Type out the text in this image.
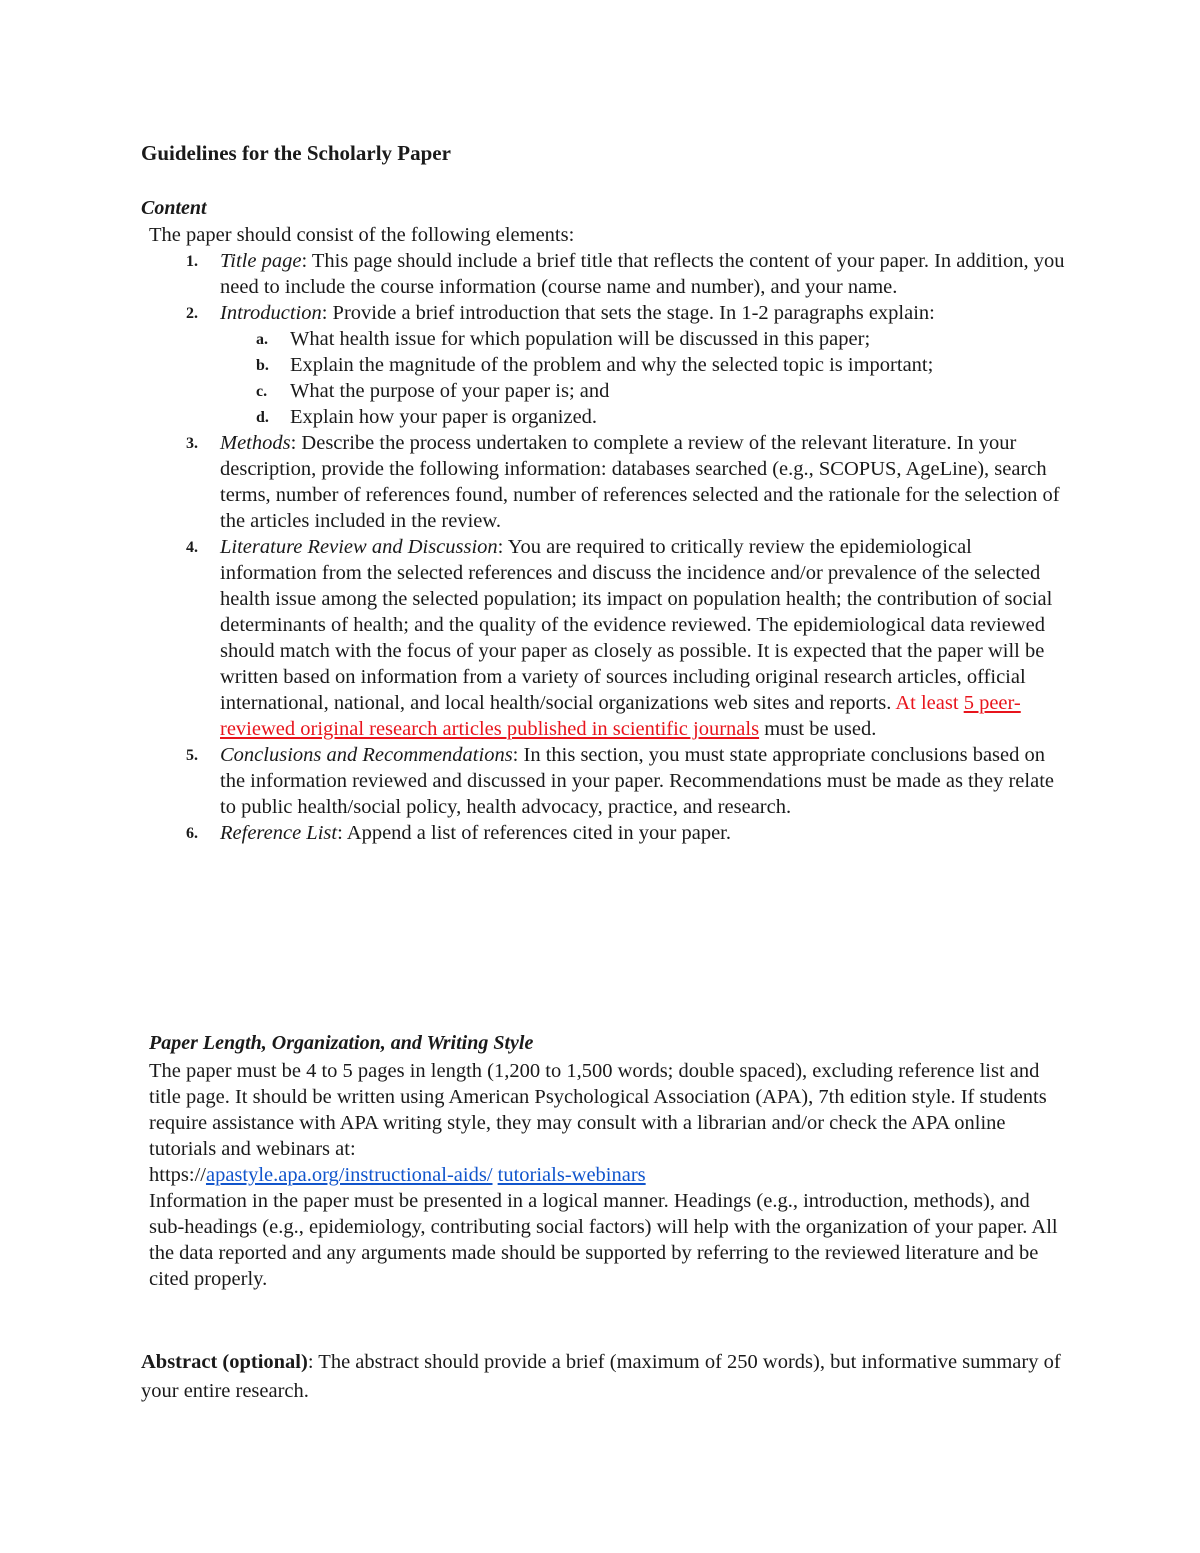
Guidelines for the Scholarly Paper

Content

The paper should consist of the following elements:

1. Title page: This page should include a brief title that reflects the content of your paper. In addition, you need to include the course information (course name and number), and your name.
2. Introduction: Provide a brief introduction that sets the stage. In 1-2 paragraphs explain:
a. What health issue for which population will be discussed in this paper;
b. Explain the magnitude of the problem and why the selected topic is important;
c. What the purpose of your paper is; and
d. Explain how your paper is organized.
3. Methods: Describe the process undertaken to complete a review of the relevant literature. In your description, provide the following information: databases searched (e.g., SCOPUS, AgeLine), search terms, number of references found, number of references selected and the rationale for the selection of the articles included in the review.
4. Literature Review and Discussion: You are required to critically review the epidemiological information from the selected references and discuss the incidence and/or prevalence of the selected health issue among the selected population; its impact on population health; the contribution of social determinants of health; and the quality of the evidence reviewed. The epidemiological data reviewed should match with the focus of your paper as closely as possible. It is expected that the paper will be written based on information from a variety of sources including original research articles, official international, national, and local health/social organizations web sites and reports. At least 5 peer-reviewed original research articles published in scientific journals must be used.
5. Conclusions and Recommendations: In this section, you must state appropriate conclusions based on the information reviewed and discussed in your paper. Recommendations must be made as they relate to public health/social policy, health advocacy, practice, and research.
6. Reference List: Append a list of references cited in your paper.

Paper Length, Organization, and Writing Style

The paper must be 4 to 5 pages in length (1,200 to 1,500 words; double spaced), excluding reference list and title page. It should be written using American Psychological Association (APA), 7th edition style. If students require assistance with APA writing style, they may consult with a librarian and/or check the APA online tutorials and webinars at:
https://apastyle.apa.org/instructional-aids/ tutorials-webinars

Information in the paper must be presented in a logical manner. Headings (e.g., introduction, methods), and sub-headings (e.g., epidemiology, contributing social factors) will help with the organization of your paper. All the data reported and any arguments made should be supported by referring to the reviewed literature and be cited properly.

Abstract (optional): The abstract should provide a brief (maximum of 250 words), but informative summary of your entire research.
